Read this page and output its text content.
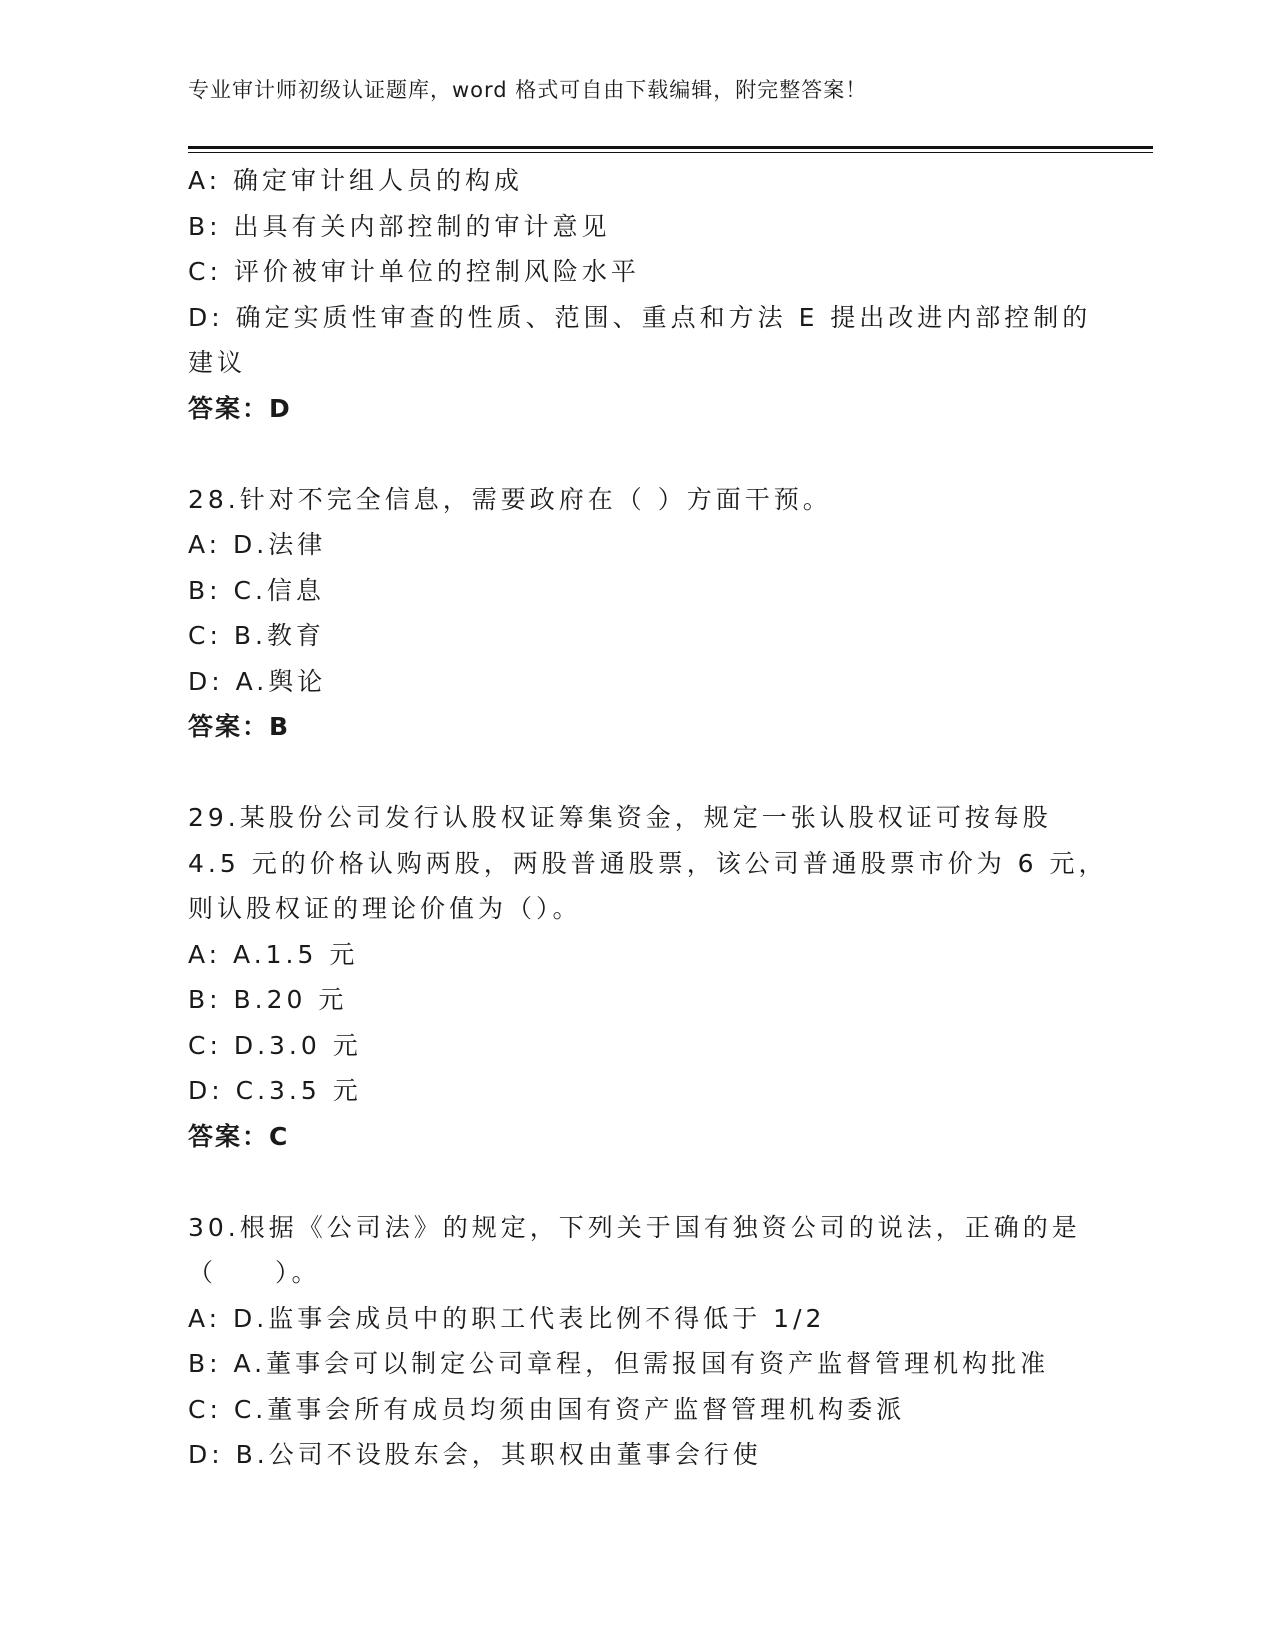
专业审计师初级认证题库，word 格式可自由下载编辑，附完整答案！
A: 确定审计组人员的构成
B: 出具有关内部控制的审计意见
C: 评价被审计单位的控制风险水平
D: 确定实质性审查的性质、范围、重点和方法 E 提出改进内部控制的
建议
答案：D
28.针对不完全信息，需要政府在（ ）方面干预。
A: D.法律
B: C.信息
C: B.教育
D: A.舆论
答案：B
29.某股份公司发行认股权证筹集资金，规定一张认股权证可按每股
4.5 元的价格认购两股，两股普通股票，该公司普通股票市价为 6 元，
则认股权证的理论价值为（）。
A: A.1.5 元
B: B.20 元
C: D.3.0 元
D: C.3.5 元
答案：C
30.根据《公司法》的规定，下列关于国有独资公司的说法，正确的是
（　　）。
A: D.监事会成员中的职工代表比例不得低于 1/2
B: A.董事会可以制定公司章程，但需报国有资产监督管理机构批准
C: C.董事会所有成员均须由国有资产监督管理机构委派
D: B.公司不设股东会，其职权由董事会行使
